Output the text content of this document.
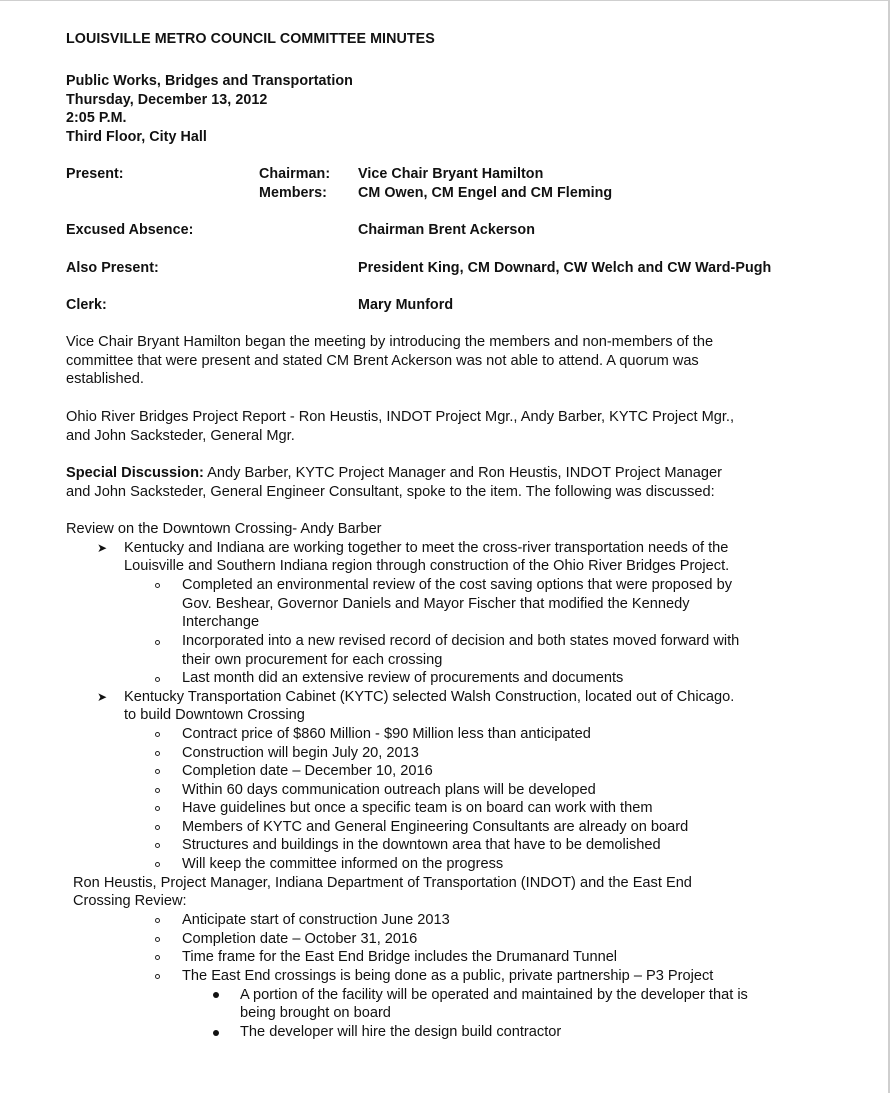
LOUISVILLE METRO COUNCIL COMMITTEE MINUTES
Public Works, Bridges and Transportation
Thursday, December 13, 2012
2:05 P.M.
Third Floor, City Hall
Present:	Chairman: Vice Chair Bryant Hamilton
Members: CM Owen, CM Engel and CM Fleming
Excused Absence:	Chairman Brent Ackerson
Also Present:	President King, CM Downard, CW Welch and CW Ward-Pugh
Clerk:	Mary Munford
Vice Chair Bryant Hamilton began the meeting by introducing the members and non-members of the
committee that were present and stated CM Brent Ackerson was not able to attend. A quorum was
established.
Ohio River Bridges Project Report - Ron Heustis, INDOT Project Mgr., Andy Barber, KYTC Project Mgr.,
and John Sacksteder, General Mgr.
Special Discussion: Andy Barber, KYTC Project Manager and Ron Heustis, INDOT Project Manager
and John Sacksteder, General Engineer Consultant, spoke to the item. The following was discussed:
Review on the Downtown Crossing- Andy Barber
➤ Kentucky and Indiana are working together to meet the cross-river transportation needs of the
Louisville and Southern Indiana region through construction of the Ohio River Bridges Project.
Completed an environmental review of the cost saving options that were proposed by
Gov. Beshear, Governor Daniels and Mayor Fischer that modified the Kennedy
Interchange
Incorporated into a new revised record of decision and both states moved forward with
their own procurement for each crossing
Last month did an extensive review of procurements and documents
➤ Kentucky Transportation Cabinet (KYTC) selected Walsh Construction, located out of Chicago.
to build Downtown Crossing
Contract price of $860 Million - $90 Million less than anticipated
Construction will begin July 20, 2013
Completion date – December 10, 2016
Within 60 days communication outreach plans will be developed
Have guidelines but once a specific team is on board can work with them
Members of KYTC and General Engineering Consultants are already on board
Structures and buildings in the downtown area that have to be demolished
Will keep the committee informed on the progress
Ron Heustis, Project Manager, Indiana Department of Transportation (INDOT) and the East End
Crossing Review:
Anticipate start of construction June 2013
Completion date – October 31, 2016
Time frame for the East End Bridge includes the Drumanard Tunnel
The East End crossings is being done as a public, private partnership – P3 Project
A portion of the facility will be operated and maintained by the developer that is
being brought on board
The developer will hire the design build contractor
